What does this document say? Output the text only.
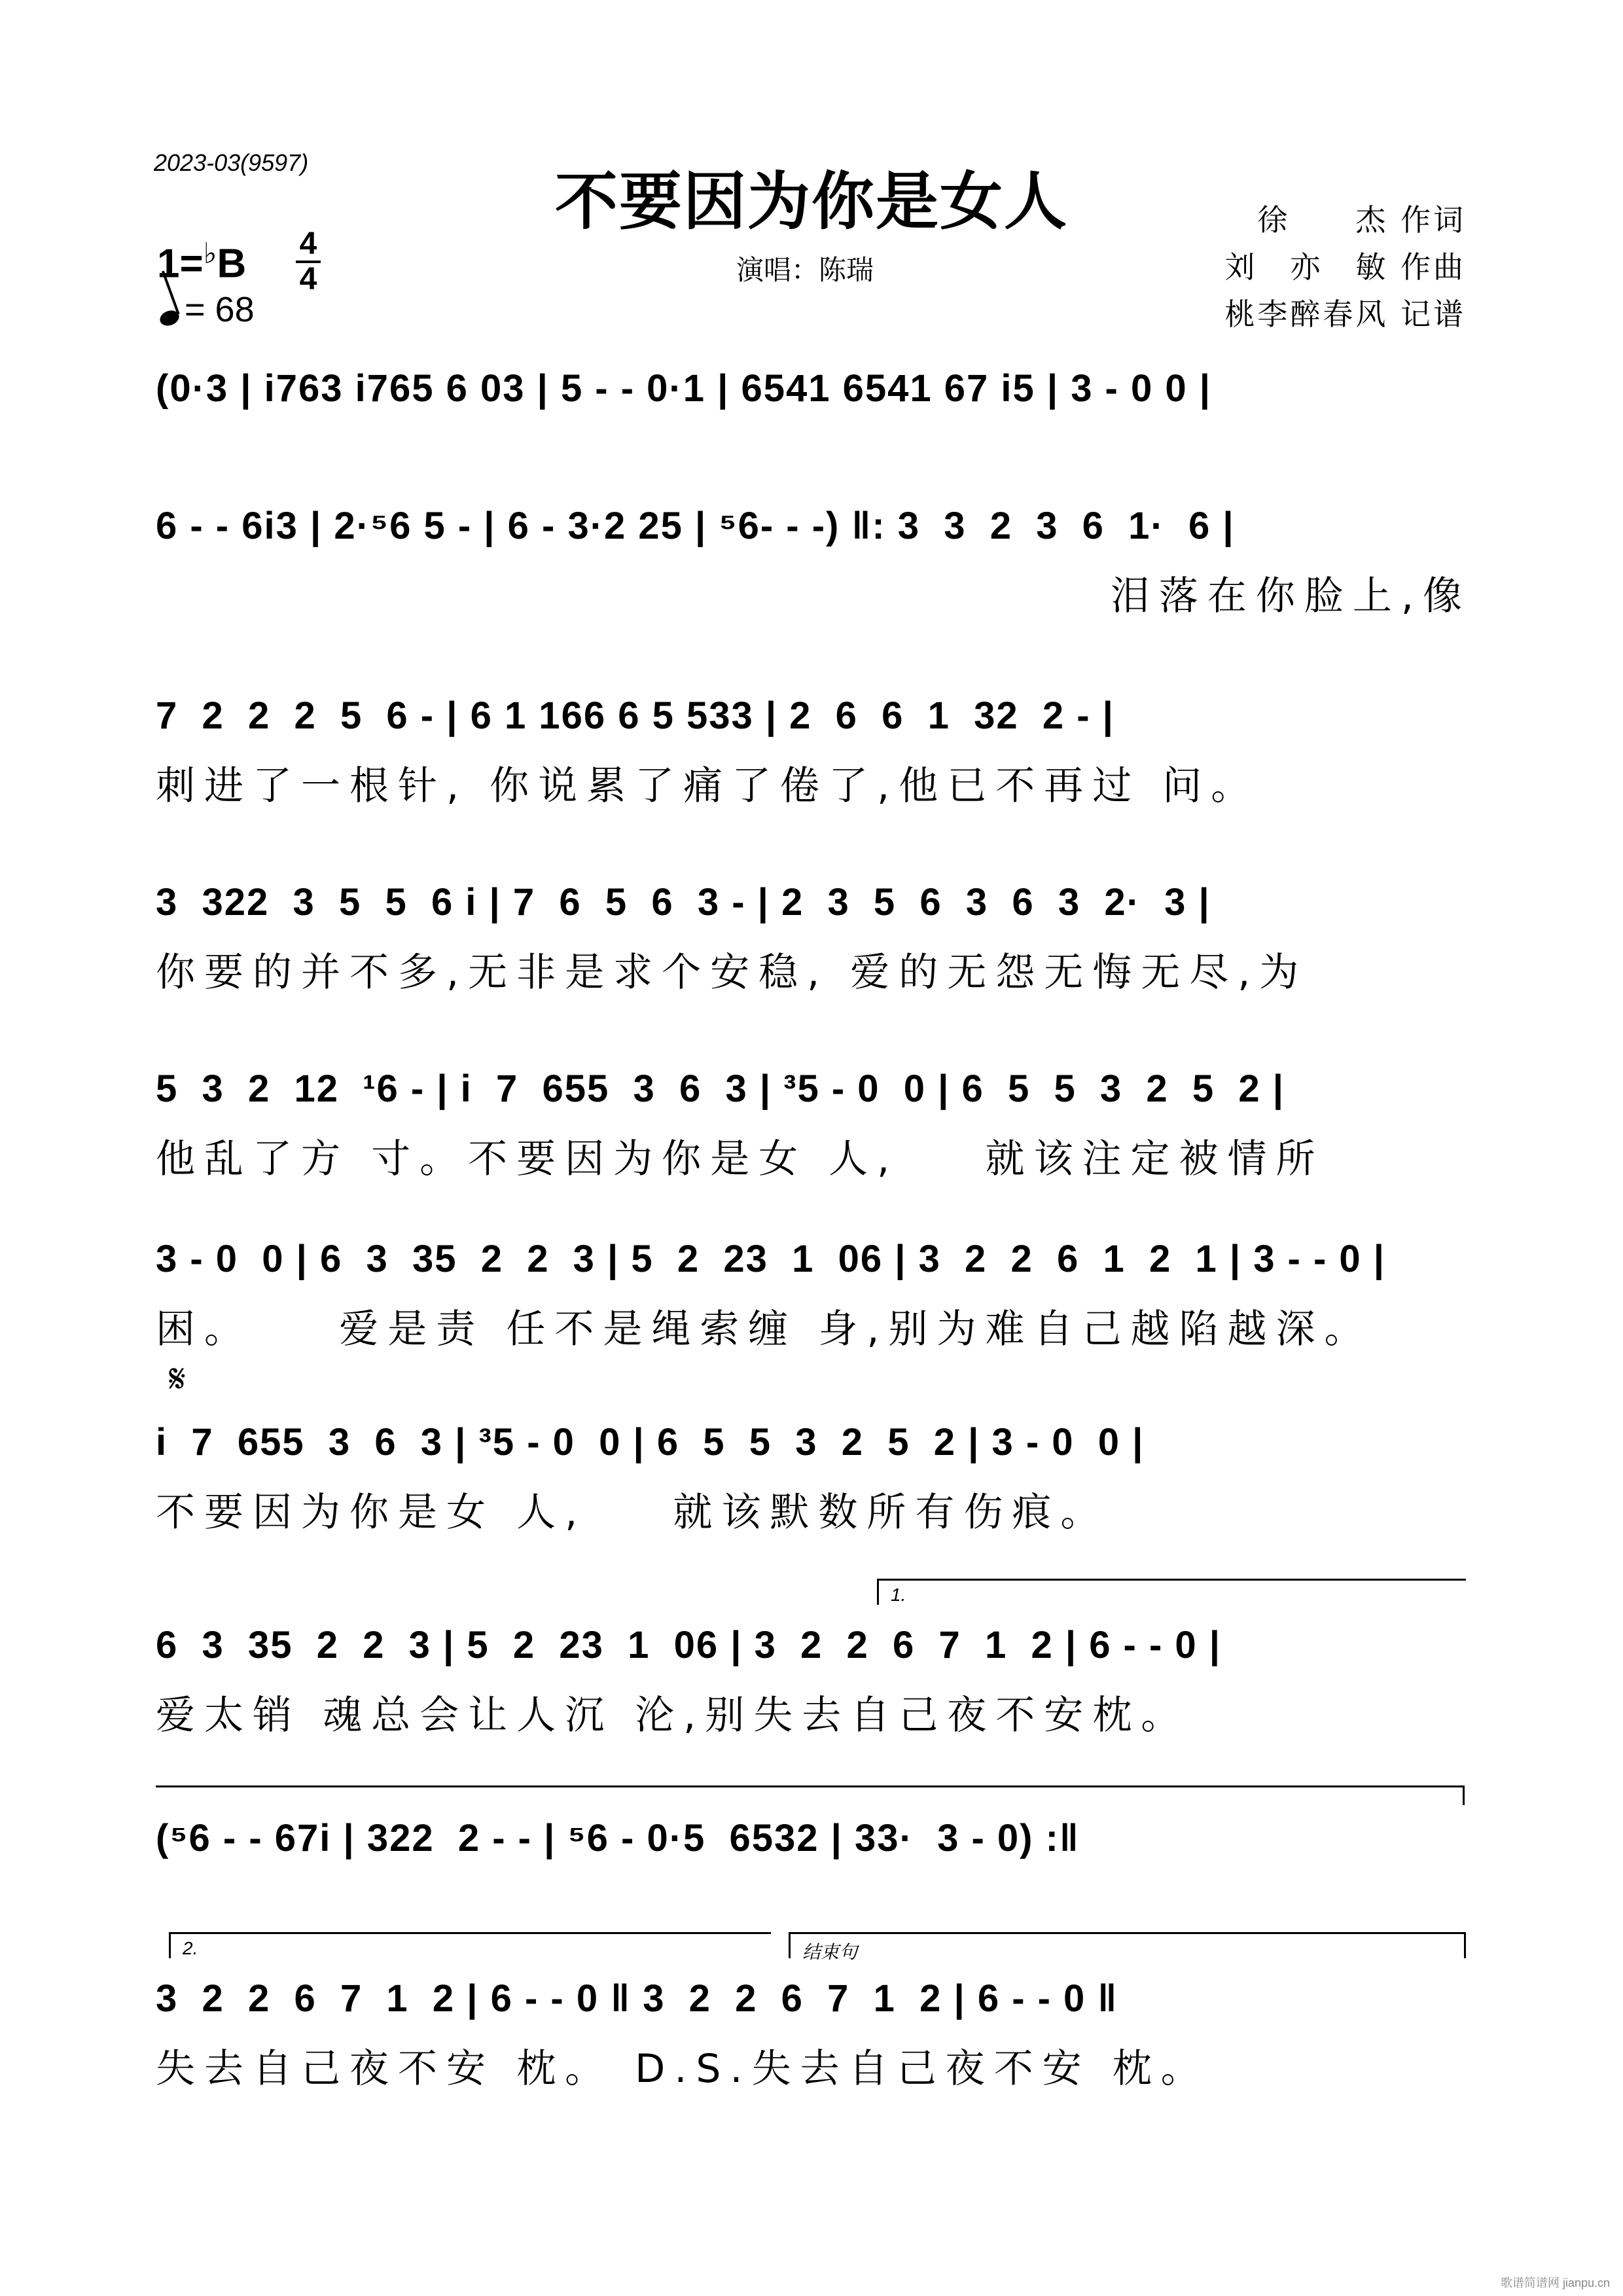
2023-03(9597)
不要因为你是女人
演唱：陈瑞
徐　　杰 作词
刘　亦　敏 作曲
桃李醉春风 记谱
1=♭B 4
4
= 68
(0·3 | i763 i765 6 03 | 5 - - 0·1 | 6541 6541 67 i5 | 3 - 0 0 |
6 - - 6i3 | 2·⁵6 5 - | 6 - 3·2 25 | ⁵6- - -) ‖: 3  3  2  3  6  1·  6 |
泪落在你脸上,像
7  2  2  2  5  6 - | 6 1 166 6 5 533 | 2  6  6  1  32  2 - |
刺进了一根针, 你说累了痛了倦了,他已不再过 问。
3  322  3  5  5  6 i | 7  6  5  6  3 - | 2  3  5  6  3  6  3  2·  3 |
你要的并不多,无非是求个安稳, 爱的无怨无悔无尽,为
5  3  2  12  ¹6 - | i  7  655  3  6  3 | ³5 - 0  0 | 6  5  5  3  2  5  2 |
他乱了方 寸。不要因为你是女 人,    就该注定被情所
3 - 0  0 | 6  3  35  2  2  3 | 5  2  23  1  06 | 3  2  2  6  1  2  1 | 3 - - 0 |
困。    爱是责 任不是绳索缠 身,别为难自己越陷越深。
𝄋
i  7  655  3  6  3 | ³5 - 0  0 | 6  5  5  3  2  5  2 | 3 - 0  0 |
不要因为你是女 人,    就该默数所有伤痕。
1.
6  3  35  2  2  3 | 5  2  23  1  06 | 3  2  2  6  7  1  2 | 6 - - 0 |
爱太销 魂总会让人沉 沦,别失去自己夜不安枕。
(⁵6 - - 67i | 322  2 - - | ⁵6 - 0·5  6532 | 33·  3 - 0) :‖
2.	结束句
3  2  2  6  7  1  2 | 6 - - 0 ‖ 3  2  2  6  7  1  2 | 6 - - 0 ‖
失去自己夜不安 枕。 D.S.失去自己夜不安 枕。
歌谱简谱网 jianpu.cn
